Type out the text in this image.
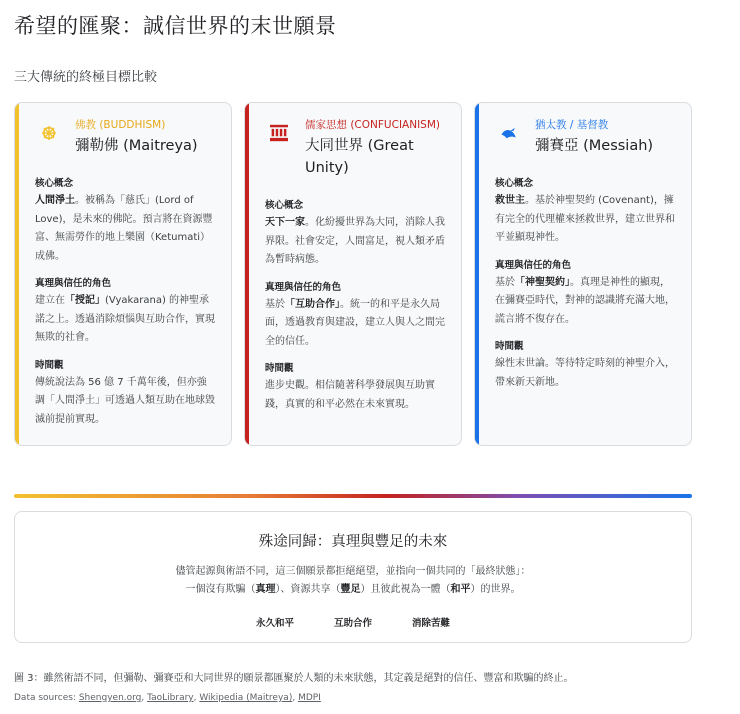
希望的匯聚：誠信世界的末世願景
三大傳統的終極目標比較
佛教 (BUDDHISM)
彌勒佛 (Maitreya)
核心概念
人間淨土。被稱為「慈氏」(Lord of Love)，是未來的佛陀。預言將在資源豐富、無需勞作的地上樂園（Ketumati）成佛。
真理與信任的角色
建立在「授記」(Vyakarana) 的神聖承諾之上。透過消除煩惱與互助合作，實現無欺的社會。
時間觀
傳統說法為 56 億 7 千萬年後，但亦強調「人間淨土」可透過人類互助在地球毀滅前提前實現。
儒家思想 (CONFUCIANISM)
大同世界 (Great Unity)
核心概念
天下一家。化紛擾世界為大同，消除人我界限。社會安定，人間富足，視人類矛盾為暫時病態。
真理與信任的角色
基於「互助合作」。統一的和平是永久局面，透過教育與建設，建立人與人之間完全的信任。
時間觀
進步史觀。相信隨著科學發展與互助實踐，真實的和平必然在未來實現。
猶太教 / 基督教
彌賽亞 (Messiah)
核心概念
救世主。基於神聖契約 (Covenant)，擁有完全的代理權來拯救世界，建立世界和平並顯現神性。
真理與信任的角色
基於「神聖契約」。真理是神性的顯現，在彌賽亞時代，對神的認識將充滿大地，謊言將不復存在。
時間觀
線性末世論。等待特定時刻的神聖介入，帶來新天新地。
殊途同歸：真理與豐足的未來
儘管起源與術語不同，這三個願景都拒絕絕望，並指向一個共同的「最終狀態」：
一個沒有欺騙（真理）、資源共享（豐足）且彼此視為一體（和平）的世界。
永久和平	互助合作	消除苦難
圖 3：雖然術語不同，但彌勒、彌賽亞和大同世界的願景都匯聚於人類的未來狀態，其定義是絕對的信任、豐富和欺騙的終止。
Data sources: Shengyen.org, TaoLibrary, Wikipedia (Maitreya), MDPI
